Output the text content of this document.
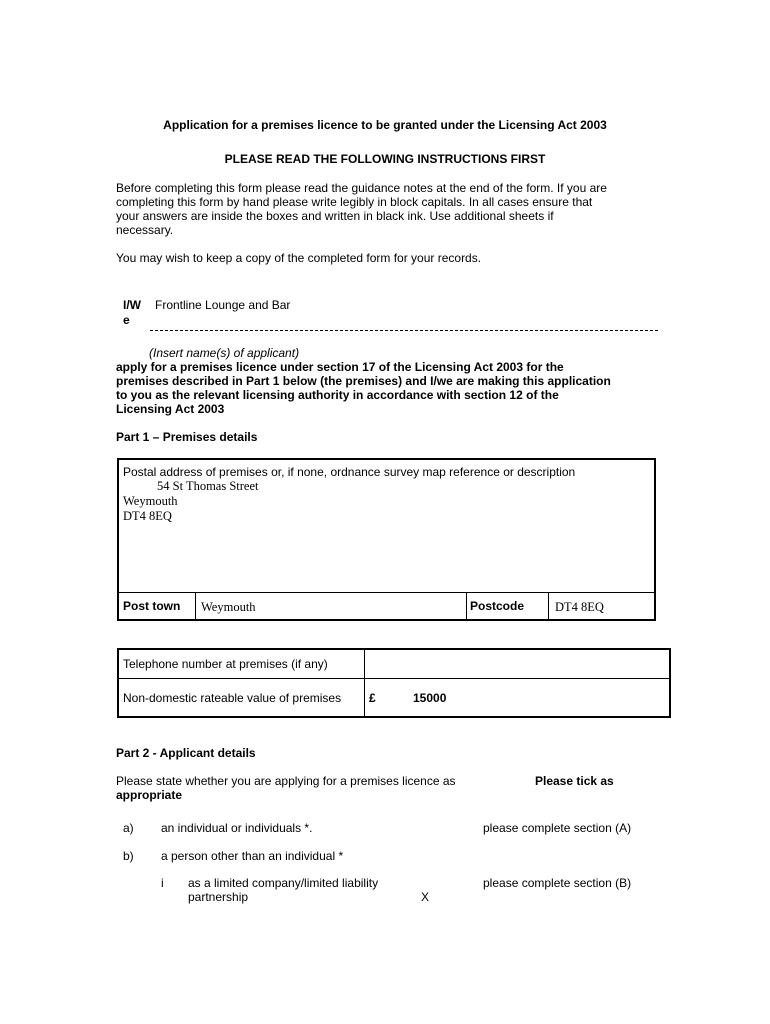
Application for a premises licence to be granted under the Licensing Act 2003
PLEASE READ THE FOLLOWING INSTRUCTIONS FIRST
Before completing this form please read the guidance notes at the end of the form. If you are
completing this form by hand please write legibly in block capitals. In all cases ensure that
your answers are inside the boxes and written in black ink. Use additional sheets if
necessary.
You may wish to keep a copy of the completed form for your records.
I/W
e
Frontline Lounge and Bar
(Insert name(s) of applicant)
apply for a premises licence under section 17 of the Licensing Act 2003 for the
premises described in Part 1 below (the premises) and I/we are making this application
to you as the relevant licensing authority in accordance with section 12 of the
Licensing Act 2003
Part 1 – Premises details
Postal address of premises or, if none, ordnance survey map reference or description
54 St Thomas Street
Weymouth
DT4 8EQ
Post town Weymouth	Postcode DT4 8EQ
Telephone number at premises (if any)
Non-domestic rateable value of premises £	15000
Part 2 - Applicant details
Please state whether you are applying for a premises licence as	Please tick as
appropriate
a) an individual or individuals *.	please complete section (A)
b) a person other than an individual *
i as a limited company/limited liability
partnership	X
please complete section (B)
